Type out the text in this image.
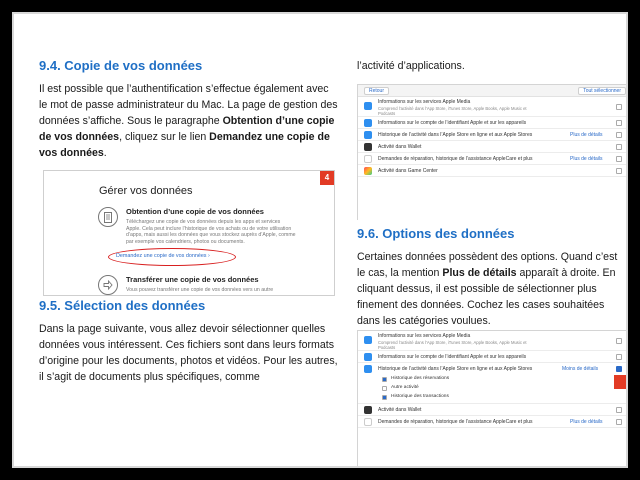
9.4. Copie de vos données

Il est possible que l’authentification s’effectue également avec le mot de passe administrateur du Mac. La page de gestion des données s’affiche. Sous le paragraphe Obtention d’une copie de vos données, cliquez sur le lien Demandez une copie de vos données.

4
Gérer vos données
Obtention d’une copie de vos données
Téléchargez une copie de vos données depuis les apps et services Apple. Cela peut inclure l’historique de vos achats ou de votre utilisation d’apps, mais aussi les données que vous stockez auprès d’Apple, comme par exemple vos calendriers, photos ou documents.
Demandez une copie de vos données ›
Transférer une copie de vos données
Vous pouvez transférer une copie de vos données vers un autre
9.5. Sélection des données

Dans la page suivante, vous allez devoir sélectionner quelles données vous intéressent. Ces fichiers sont dans leurs formats d’origine pour les documents, photos et vidéos. Pour les autres, il s’agit de documents plus spécifiques, comme

l’activité d’applications.

Retour	Tout sélectionner
Informations sur les services Apple Media
Comprend l’activité dans l’App Store, iTunes Store, Apple Books, Apple Music et Podcasts
Informations sur le compte de l’identifiant Apple et sur les appareils
Historique de l’activité dans l’Apple Store en ligne et aux Apple Stores	Plus de détails
Activité dans Wallet
Demandes de réparation, historique de l’assistance AppleCare et plus	Plus de détails
Activité dans Game Center
9.6. Options des données

Certaines données possèdent des options. Quand c’est le cas, la mention Plus de détails apparaît à droite. En cliquant dessus, il est possible de sélectionner plus finement des données. Cochez les cases souhaitées dans les catégories voulues.

Informations sur les services Apple Media
Comprend l’activité dans l’App Store, iTunes Store, Apple Books, Apple Music et Podcasts
Informations sur le compte de l’identifiant Apple et sur les appareils
Historique de l’activité dans l’Apple Store en ligne et aux Apple Stores	Moins de détails
Historique des réservations
Autre activité
Historique des transactions
Activité dans Wallet
Demandes de réparation, historique de l’assistance AppleCare et plus	Plus de détails
